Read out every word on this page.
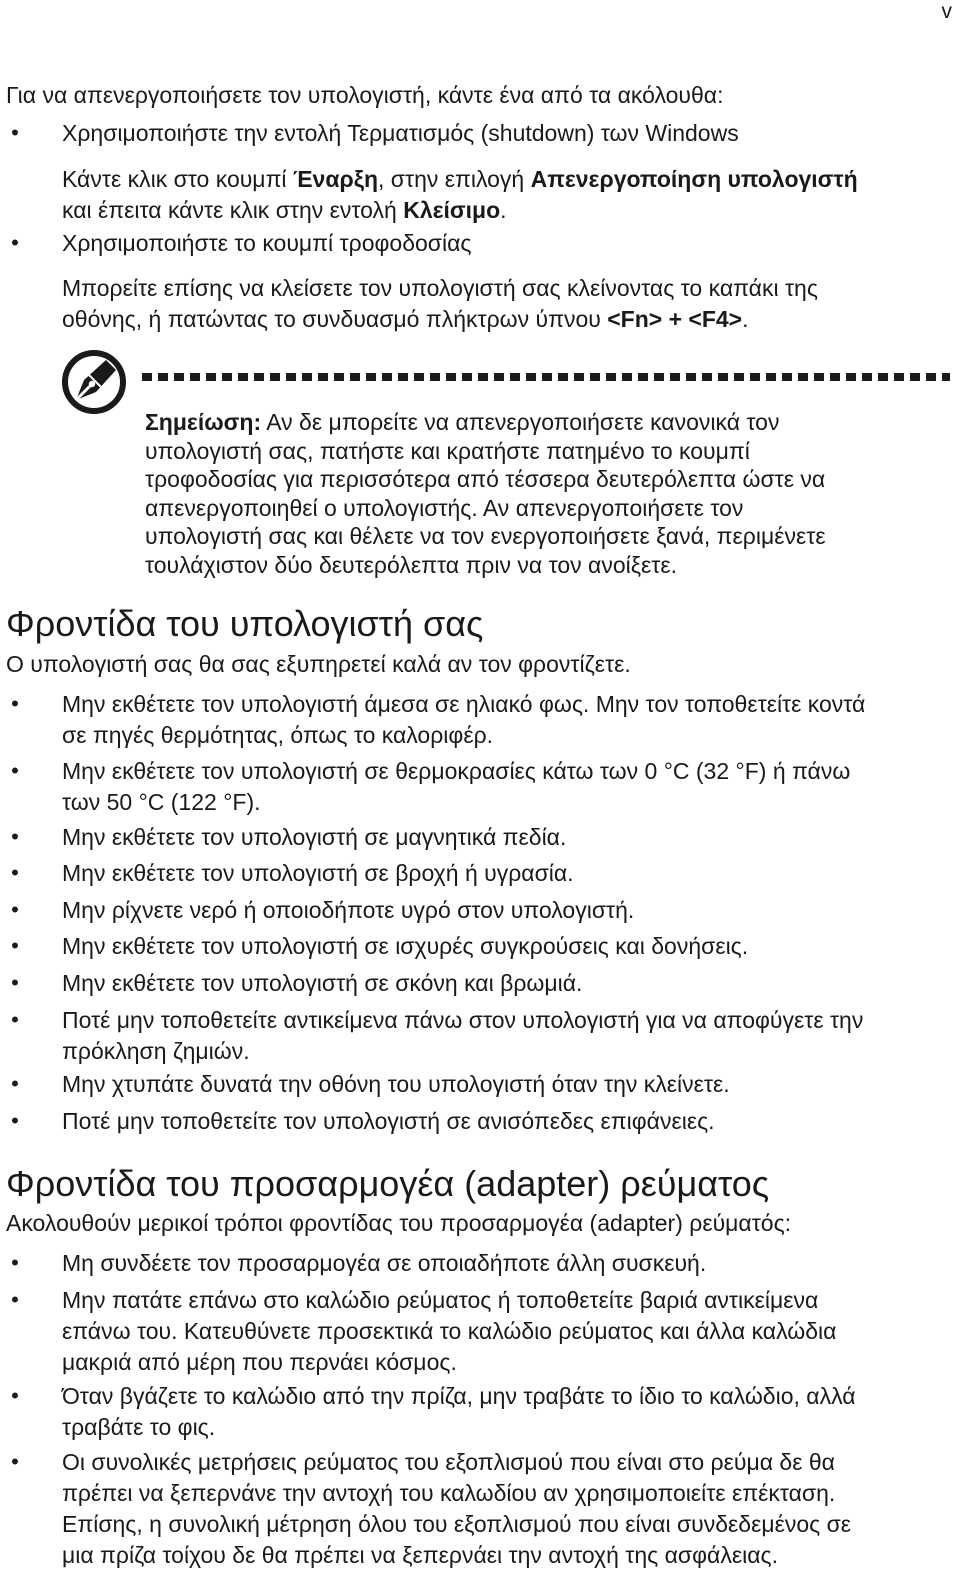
v
Για να απενεργοποιήσετε τον υπολογιστή, κάντε ένα από τα ακόλουθα:
• Χρησιμοποιήστε την εντολή Τερματισμός (shutdown) των Windows
Κάντε κλικ στο κουμπί Έναρξη, στην επιλογή Απενεργοποίηση υπολογιστή
και έπειτα κάντε κλικ στην εντολή Κλείσιμο.
• Χρησιμοποιήστε το κουμπί τροφοδοσίας
Μπορείτε επίσης να κλείσετε τον υπολογιστή σας κλείνοντας το καπάκι της
οθόνης, ή πατώντας το συνδυασμό πλήκτρων ύπνου <Fn> + <F4>.
Σημείωση: Αν δε μπορείτε να απενεργοποιήσετε κανονικά τον
υπολογιστή σας, πατήστε και κρατήστε πατημένο το κουμπί
τροφοδοσίας για περισσότερα από τέσσερα δευτερόλεπτα ώστε να
απενεργοποιηθεί ο υπολογιστής. Αν απενεργοποιήσετε τον
υπολογιστή σας και θέλετε να τον ενεργοποιήσετε ξανά, περιμένετε
τουλάχιστον δύο δευτερόλεπτα πριν να τον ανοίξετε.
Φροντίδα του υπολογιστή σας
Ο υπολογιστή σας θα σας εξυπηρετεί καλά αν τον φροντίζετε.
• Μην εκθέτετε τον υπολογιστή άμεσα σε ηλιακό φως. Μην τον τοποθετείτε κοντά
σε πηγές θερμότητας, όπως το καλοριφέρ.
• Μην εκθέτετε τον υπολογιστή σε θερμοκρασίες κάτω των 0 °C (32 °F) ή πάνω
των 50 °C (122 °F).
• Μην εκθέτετε τον υπολογιστή σε μαγνητικά πεδία.
• Μην εκθέτετε τον υπολογιστή σε βροχή ή υγρασία.
• Μην ρίχνετε νερό ή οποιοδήποτε υγρό στον υπολογιστή.
• Μην εκθέτετε τον υπολογιστή σε ισχυρές συγκρούσεις και δονήσεις.
• Μην εκθέτετε τον υπολογιστή σε σκόνη και βρωμιά.
• Ποτέ μην τοποθετείτε αντικείμενα πάνω στον υπολογιστή για να αποφύγετε την
πρόκληση ζημιών.
• Μην χτυπάτε δυνατά την οθόνη του υπολογιστή όταν την κλείνετε.
• Ποτέ μην τοποθετείτε τον υπολογιστή σε ανισόπεδες επιφάνειες.
Φροντίδα του προσαρμογέα (adapter) ρεύματος
Ακολουθούν μερικοί τρόποι φροντίδας του προσαρμογέα (adapter) ρεύματός:
• Μη συνδέετε τον προσαρμογέα σε οποιαδήποτε άλλη συσκευή.
• Μην πατάτε επάνω στο καλώδιο ρεύματος ή τοποθετείτε βαριά αντικείμενα
επάνω του. Κατευθύνετε προσεκτικά το καλώδιο ρεύματος και άλλα καλώδια
μακριά από μέρη που περνάει κόσμος.
• Όταν βγάζετε το καλώδιο από την πρίζα, μην τραβάτε το ίδιο το καλώδιο, αλλά
τραβάτε το φις.
• Οι συνολικές μετρήσεις ρεύματος του εξοπλισμού που είναι στο ρεύμα δε θα
πρέπει να ξεπερνάνε την αντοχή του καλωδίου αν χρησιμοποιείτε επέκταση.
Επίσης, η συνολική μέτρηση όλου του εξοπλισμού που είναι συνδεδεμένος σε
μια πρίζα τοίχου δε θα πρέπει να ξεπερνάει την αντοχή της ασφάλειας.
